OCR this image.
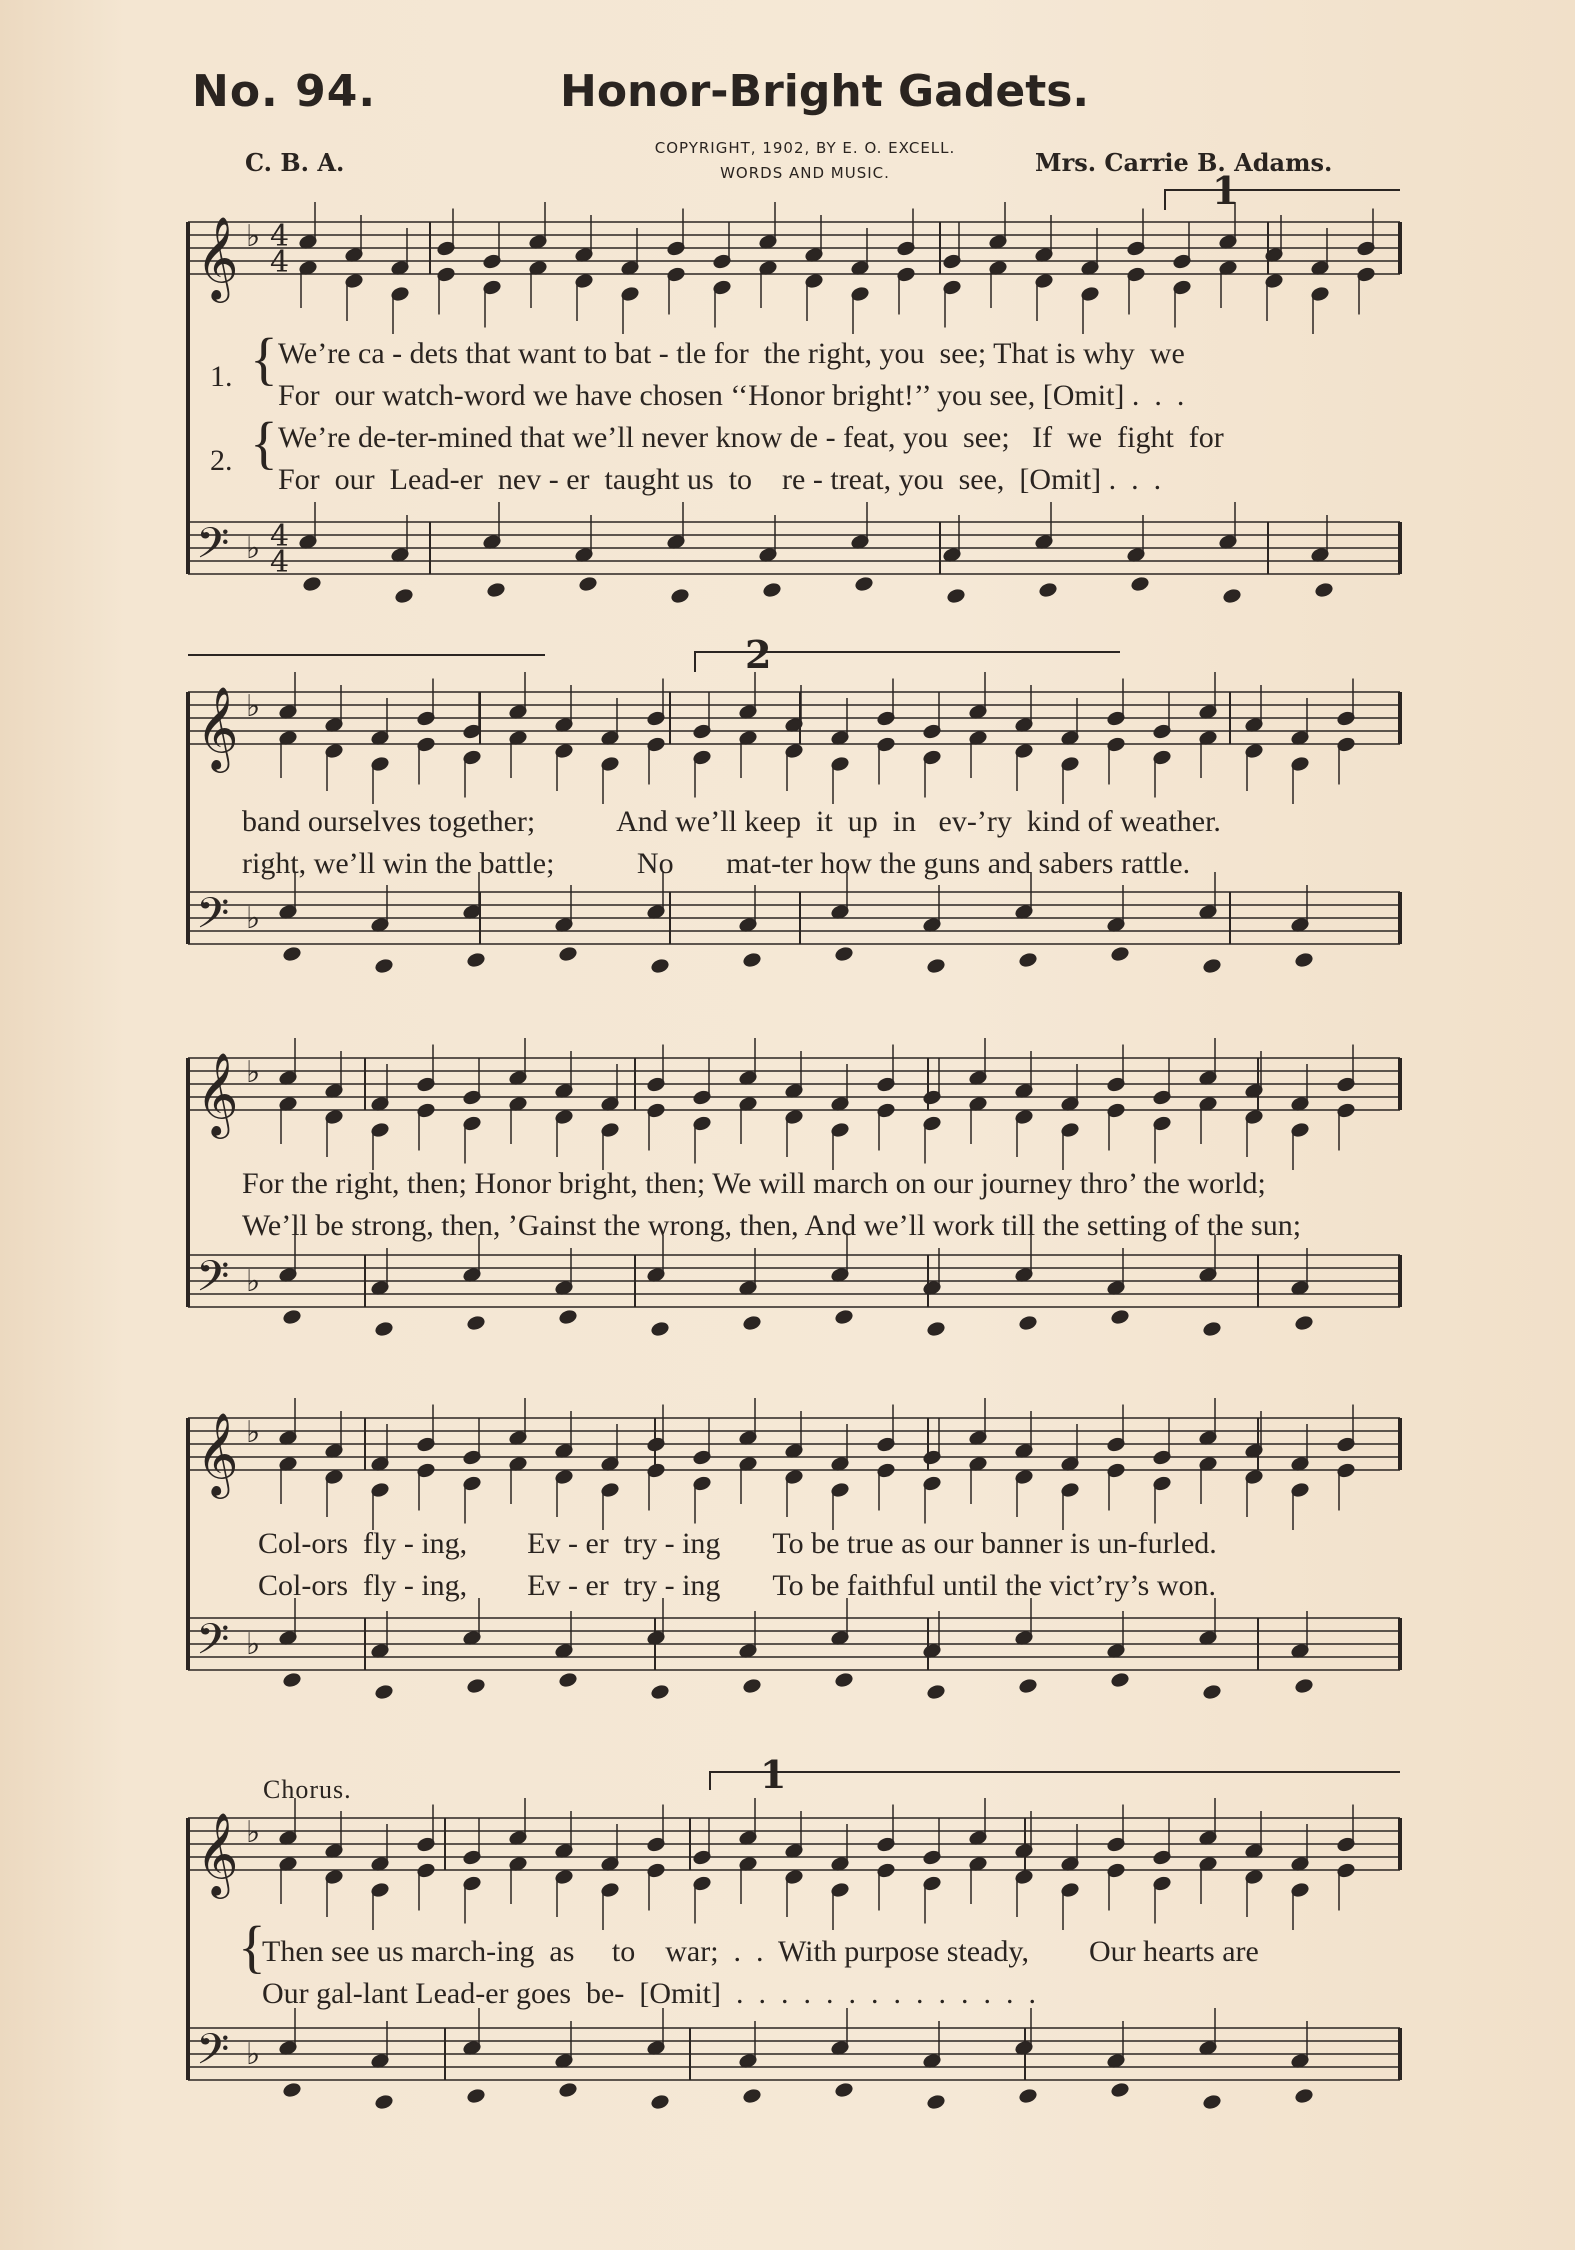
No. 94.	Honor-Bright Gadets.
C. B. A.	COPYRIGHT, 1902, BY E. O. EXCELL.
WORDS AND MUSIC.	Mrs. Carrie B. Adams.
𝄞
𝄢
♭
♭
4
4
4
4
𝄞
𝄢
♭
♭
𝄞
𝄢
♭
♭
𝄞
𝄢
♭
♭
𝄞
𝄢
♭
♭
1
2
1
1. { We’re ca - dets that want to bat - tle for  the right, you  see; That is why  we
For  our watch-word we have chosen ‘‘Honor bright!’’ you see, [Omit] .  .  .
2. { We’re de-ter-mined that we’ll never know de - feat, you  see;   If  we  fight  for
For  our  Lead-er  nev - er  taught us  to    re - treat, you  see,  [Omit] .  .  .
band ourselves together;           And we’ll keep  it  up  in   ev-’ry  kind of weather.
right, we’ll win the battle;           No       mat-ter how the guns and sabers rattle.
For the right, then; Honor bright, then; We will march on our journey thro’ the world;
We’ll be strong, then, ’Gainst the wrong, then, And we’ll work till the setting of the sun;
Col-ors  fly - ing,        Ev - er  try - ing       To be true as our banner is un-furled.
Col-ors  fly - ing,        Ev - er  try - ing       To be faithful until the vict’ry’s won.
Chorus.
{
Then see us march-ing  as     to    war;  .  .  With purpose steady,        Our hearts are
Our gal-lant Lead-er goes  be-  [Omit]  .  .  .  .  .  .  .  .  .  .  .  .  .  .
